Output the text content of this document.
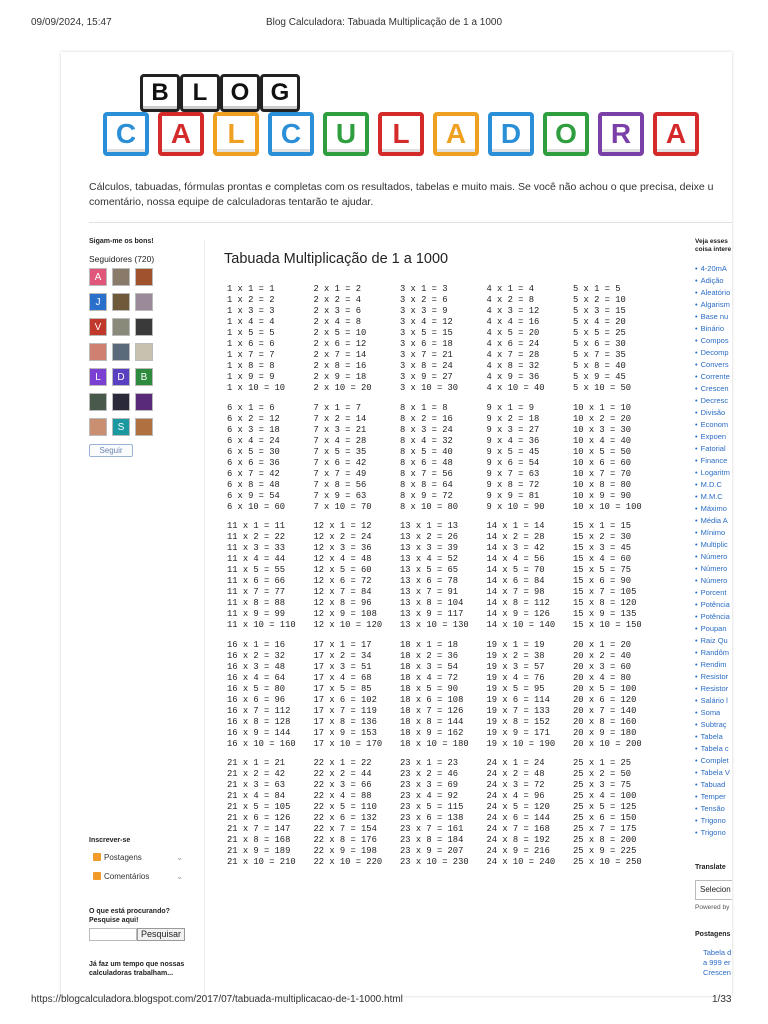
09/09/2024, 15:47	Blog Calculadora: Tabuada Multiplicação de 1 a 1000
B L O G
C	A	L	C	U	L	A	D	O	R	A
Cálculos, tabuadas, fórmulas prontas e completas com os resultados, tabelas e muito mais. Se você não achou o que precisa, deixe u comentário, nossa equipe de calculadoras tentarão te ajudar.
Sigam-me os bons!
Seguidores (720)
A
J
V
L	D	B
S
Seguir
Inscrever-se
Postagens	⌄
Comentários	⌄
O que está procurando?
Pesquise aqui!
Pesquisar
Já faz um tempo que nossas
calculadoras trabalham...
Tabuada Multiplicação de 1 a 1000
1 x 1 = 1
1 x 2 = 2
1 x 3 = 3
1 x 4 = 4
1 x 5 = 5
1 x 6 = 6
1 x 7 = 7
1 x 8 = 8
1 x 9 = 9
1 x 10 = 10
2 x 1 = 2
2 x 2 = 4
2 x 3 = 6
2 x 4 = 8
2 x 5 = 10
2 x 6 = 12
2 x 7 = 14
2 x 8 = 16
2 x 9 = 18
2 x 10 = 20
3 x 1 = 3
3 x 2 = 6
3 x 3 = 9
3 x 4 = 12
3 x 5 = 15
3 x 6 = 18
3 x 7 = 21
3 x 8 = 24
3 x 9 = 27
3 x 10 = 30
4 x 1 = 4
4 x 2 = 8
4 x 3 = 12
4 x 4 = 16
4 x 5 = 20
4 x 6 = 24
4 x 7 = 28
4 x 8 = 32
4 x 9 = 36
4 x 10 = 40
5 x 1 = 5
5 x 2 = 10
5 x 3 = 15
5 x 4 = 20
5 x 5 = 25
5 x 6 = 30
5 x 7 = 35
5 x 8 = 40
5 x 9 = 45
5 x 10 = 50
6 x 1 = 6
6 x 2 = 12
6 x 3 = 18
6 x 4 = 24
6 x 5 = 30
6 x 6 = 36
6 x 7 = 42
6 x 8 = 48
6 x 9 = 54
6 x 10 = 60
7 x 1 = 7
7 x 2 = 14
7 x 3 = 21
7 x 4 = 28
7 x 5 = 35
7 x 6 = 42
7 x 7 = 49
7 x 8 = 56
7 x 9 = 63
7 x 10 = 70
8 x 1 = 8
8 x 2 = 16
8 x 3 = 24
8 x 4 = 32
8 x 5 = 40
8 x 6 = 48
8 x 7 = 56
8 x 8 = 64
8 x 9 = 72
8 x 10 = 80
9 x 1 = 9
9 x 2 = 18
9 x 3 = 27
9 x 4 = 36
9 x 5 = 45
9 x 6 = 54
9 x 7 = 63
9 x 8 = 72
9 x 9 = 81
9 x 10 = 90
10 x 1 = 10
10 x 2 = 20
10 x 3 = 30
10 x 4 = 40
10 x 5 = 50
10 x 6 = 60
10 x 7 = 70
10 x 8 = 80
10 x 9 = 90
10 x 10 = 100
11 x 1 = 11
11 x 2 = 22
11 x 3 = 33
11 x 4 = 44
11 x 5 = 55
11 x 6 = 66
11 x 7 = 77
11 x 8 = 88
11 x 9 = 99
11 x 10 = 110
12 x 1 = 12
12 x 2 = 24
12 x 3 = 36
12 x 4 = 48
12 x 5 = 60
12 x 6 = 72
12 x 7 = 84
12 x 8 = 96
12 x 9 = 108
12 x 10 = 120
13 x 1 = 13
13 x 2 = 26
13 x 3 = 39
13 x 4 = 52
13 x 5 = 65
13 x 6 = 78
13 x 7 = 91
13 x 8 = 104
13 x 9 = 117
13 x 10 = 130
14 x 1 = 14
14 x 2 = 28
14 x 3 = 42
14 x 4 = 56
14 x 5 = 70
14 x 6 = 84
14 x 7 = 98
14 x 8 = 112
14 x 9 = 126
14 x 10 = 140
15 x 1 = 15
15 x 2 = 30
15 x 3 = 45
15 x 4 = 60
15 x 5 = 75
15 x 6 = 90
15 x 7 = 105
15 x 8 = 120
15 x 9 = 135
15 x 10 = 150
16 x 1 = 16
16 x 2 = 32
16 x 3 = 48
16 x 4 = 64
16 x 5 = 80
16 x 6 = 96
16 x 7 = 112
16 x 8 = 128
16 x 9 = 144
16 x 10 = 160
17 x 1 = 17
17 x 2 = 34
17 x 3 = 51
17 x 4 = 68
17 x 5 = 85
17 x 6 = 102
17 x 7 = 119
17 x 8 = 136
17 x 9 = 153
17 x 10 = 170
18 x 1 = 18
18 x 2 = 36
18 x 3 = 54
18 x 4 = 72
18 x 5 = 90
18 x 6 = 108
18 x 7 = 126
18 x 8 = 144
18 x 9 = 162
18 x 10 = 180
19 x 1 = 19
19 x 2 = 38
19 x 3 = 57
19 x 4 = 76
19 x 5 = 95
19 x 6 = 114
19 x 7 = 133
19 x 8 = 152
19 x 9 = 171
19 x 10 = 190
20 x 1 = 20
20 x 2 = 40
20 x 3 = 60
20 x 4 = 80
20 x 5 = 100
20 x 6 = 120
20 x 7 = 140
20 x 8 = 160
20 x 9 = 180
20 x 10 = 200
21 x 1 = 21
21 x 2 = 42
21 x 3 = 63
21 x 4 = 84
21 x 5 = 105
21 x 6 = 126
21 x 7 = 147
21 x 8 = 168
21 x 9 = 189
21 x 10 = 210
22 x 1 = 22
22 x 2 = 44
22 x 3 = 66
22 x 4 = 88
22 x 5 = 110
22 x 6 = 132
22 x 7 = 154
22 x 8 = 176
22 x 9 = 198
22 x 10 = 220
23 x 1 = 23
23 x 2 = 46
23 x 3 = 69
23 x 4 = 92
23 x 5 = 115
23 x 6 = 138
23 x 7 = 161
23 x 8 = 184
23 x 9 = 207
23 x 10 = 230
24 x 1 = 24
24 x 2 = 48
24 x 3 = 72
24 x 4 = 96
24 x 5 = 120
24 x 6 = 144
24 x 7 = 168
24 x 8 = 192
24 x 9 = 216
24 x 10 = 240
25 x 1 = 25
25 x 2 = 50
25 x 3 = 75
25 x 4 = 100
25 x 5 = 125
25 x 6 = 150
25 x 7 = 175
25 x 8 = 200
25 x 9 = 225
25 x 10 = 250
Veja esses
coisa intere
• 4-20mA
• Adição
• Aleatório
• Algarism
• Base nu
• Binário
• Compos
• Decomp
• Convers
• Corrente
• Crescen
• Decresc
• Divisão
• Econom
• Expoen
• Fatorial
• Finance
• Logaritm
• M.D.C
• M.M.C
• Máximo
• Média A
• Mínimo
• Multiplic
• Número
• Número
• Número
• Porcent
• Potência
• Potência
• Poupan
• Raiz Qu
• Randôm
• Rendim
• Resistor
• Resistor
• Salário l
• Soma
• Subtraç
• Tabela
• Tabela c
• Complet
• Tabela V
• Tabuad
• Temper
• Tensão
• Trigono
• Trigono
Translate
Selecion
Powered by
Postagens
Tabela d
a 999 er
Crescen
https://blogcalculadora.blogspot.com/2017/07/tabuada-multiplicacao-de-1-1000.html	1/33
